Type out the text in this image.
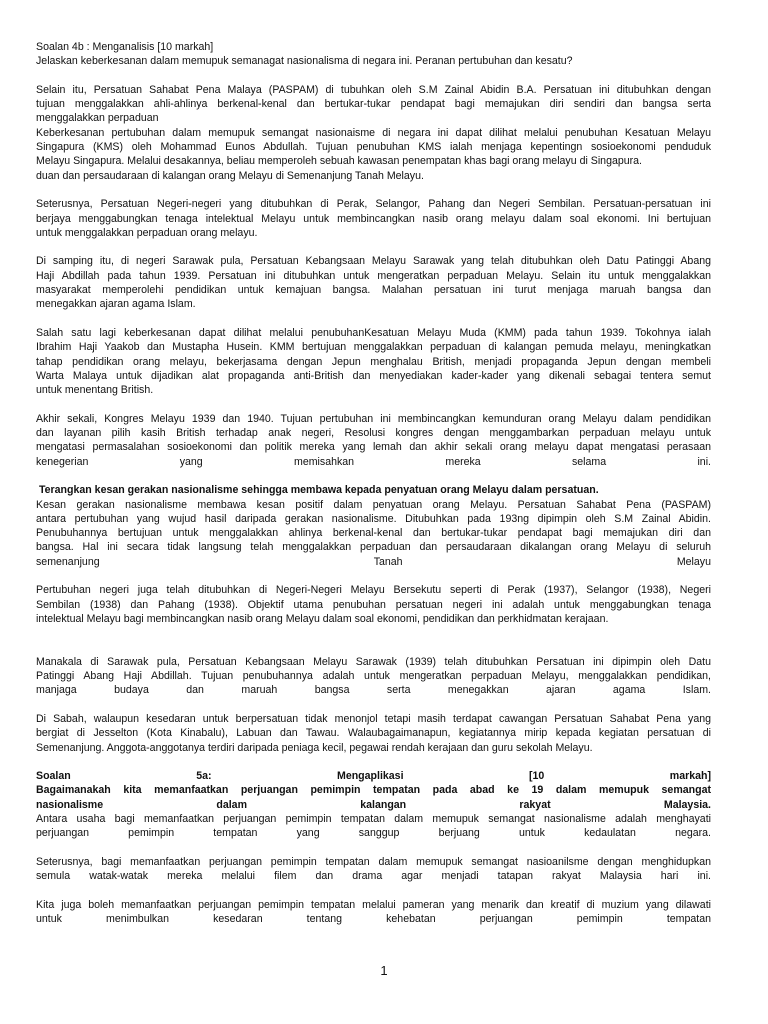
Soalan 4b : Menganalisis [10 markah]
Jelaskan keberkesanan dalam memupuk semanagat nasionalisma di negara ini. Peranan pertubuhan dan kesatu?
Selain itu, Persatuan Sahabat Pena Malaya (PASPAM) di tubuhkan oleh S.M Zainal Abidin B.A. Persatuan ini ditubuhkan dengan
tujuan menggalakkan ahli-ahlinya berkenal-kenal dan bertukar-tukar pendapat bagi memajukan diri sendiri dan bangsa serta
menggalakkan perpaduan
Keberkesanan pertubuhan dalam memupuk semangat nasionaisme di negara ini dapat dilihat melalui penubuhan Kesatuan Melayu
Singapura (KMS) oleh Mohammad Eunos Abdullah. Tujuan penubuhan KMS ialah menjaga kepentingn sosioekonomi penduduk
Melayu Singapura. Melalui desakannya, beliau memperoleh sebuah kawasan penempatan khas bagi orang melayu di Singapura.
duan dan persaudaraan di kalangan orang Melayu di Semenanjung Tanah Melayu.
Seterusnya, Persatuan Negeri-negeri yang ditubuhkan di Perak, Selangor, Pahang dan Negeri Sembilan. Persatuan-persatuan ini
berjaya menggabungkan tenaga intelektual Melayu untuk membincangkan nasib orang melayu dalam soal ekonomi. Ini bertujuan
untuk menggalakkan perpaduan orang melayu.
Di samping itu, di negeri Sarawak pula, Persatuan Kebangsaan Melayu Sarawak yang telah ditubuhkan oleh Datu Patinggi Abang
Haji Abdillah pada tahun 1939. Persatuan ini ditubuhkan untuk mengeratkan perpaduan Melayu. Selain itu untuk menggalakkan
masyarakat memperolehi pendidikan untuk kemajuan bangsa. Malahan persatuan ini turut menjaga maruah bangsa dan
menegakkan ajaran agama Islam.
Salah satu lagi keberkesanan dapat dilihat melalui penubuhanKesatuan Melayu Muda (KMM) pada tahun 1939. Tokohnya ialah
Ibrahim Haji Yaakob dan Mustapha Husein. KMM bertujuan menggalakkan perpaduan di kalangan pemuda melayu, meningkatkan
tahap pendidikan orang melayu, bekerjasama dengan Jepun menghalau British, menjadi propaganda Jepun dengan membeli
Warta Malaya untuk dijadikan alat propaganda anti-British dan menyediakan kader-kader yang dikenali sebagai tentera semut
untuk menentang British.
Akhir sekali, Kongres Melayu 1939 dan 1940. Tujuan pertubuhan ini membincangkan kemunduran orang Melayu dalam pendidikan
dan layanan pilih kasih British terhadap anak negeri, Resolusi kongres dengan menggambarkan perpaduan melayu untuk
mengatasi permasalahan sosioekonomi dan politik mereka yang lemah dan akhir sekali orang melayu dapat mengatasi perasaan
kenegerian yang memisahkan mereka selama ini.
Terangkan kesan gerakan nasionalisme sehingga membawa kepada penyatuan orang Melayu dalam persatuan.
Kesan gerakan nasionalisme membawa kesan positif dalam penyatuan orang Melayu. Persatuan Sahabat Pena (PASPAM)
antara pertubuhan yang wujud hasil daripada gerakan nasionalisme. Ditubuhkan pada 193ng dipimpin oleh S.M Zainal Abidin.
Penubuhannya bertujuan untuk menggalakkan ahlinya berkenal-kenal dan bertukar-tukar pendapat bagi memajukan diri dan
bangsa. Hal ini secara tidak langsung telah menggalakkan perpaduan dan persaudaraan dikalangan orang Melayu di seluruh
semenanjung Tanah Melayu
Pertubuhan negeri juga telah ditubuhkan di Negeri-Negeri Melayu Bersekutu seperti di Perak (1937), Selangor (1938), Negeri
Sembilan (1938) dan Pahang (1938). Objektif utama penubuhan persatuan negeri ini adalah untuk menggabungkan tenaga
intelektual Melayu bagi membincangkan nasib orang Melayu dalam soal ekonomi, pendidikan dan perkhidmatan kerajaan.
Manakala di Sarawak pula, Persatuan Kebangsaan Melayu Sarawak (1939) telah ditubuhkan Persatuan ini dipimpin oleh Datu
Patinggi Abang Haji Abdillah. Tujuan penubuhannya adalah untuk mengeratkan perpaduan Melayu, menggalakkan pendidikan,
manjaga budaya dan maruah bangsa serta menegakkan ajaran agama Islam.
Di Sabah, walaupun kesedaran untuk berpersatuan tidak menonjol tetapi masih terdapat cawangan Persatuan Sahabat Pena yang
bergiat di Jesselton (Kota Kinabalu), Labuan dan Tawau. Walaubagaimanapun, kegiatannya mirip kepada kegiatan persatuan di
Semenanjung. Anggota-anggotanya terdiri daripada peniaga kecil, pegawai rendah kerajaan dan guru sekolah Melayu.
Soalan 5a: Mengaplikasi [10 markah]
Bagaimanakah kita memanfaatkan perjuangan pemimpin tempatan pada abad ke 19 dalam memupuk semangat
nasionalisme dalam kalangan rakyat Malaysia.
Antara usaha bagi memanfaatkan perjuangan pemimpin tempatan dalam memupuk semangat nasionalisme adalah menghayati
perjuangan pemimpin tempatan yang sanggup berjuang untuk kedaulatan negara.
Seterusnya, bagi memanfaatkan perjuangan pemimpin tempatan dalam memupuk semangat nasioanilsme dengan menghidupkan
semula watak-watak mereka melalui filem dan drama agar menjadi tatapan rakyat Malaysia hari ini.
Kita juga boleh memanfaatkan perjuangan pemimpin tempatan melalui pameran yang menarik dan kreatif di muzium yang dilawati
untuk menimbulkan kesedaran tentang kehebatan perjuangan pemimpin tempatan
1
